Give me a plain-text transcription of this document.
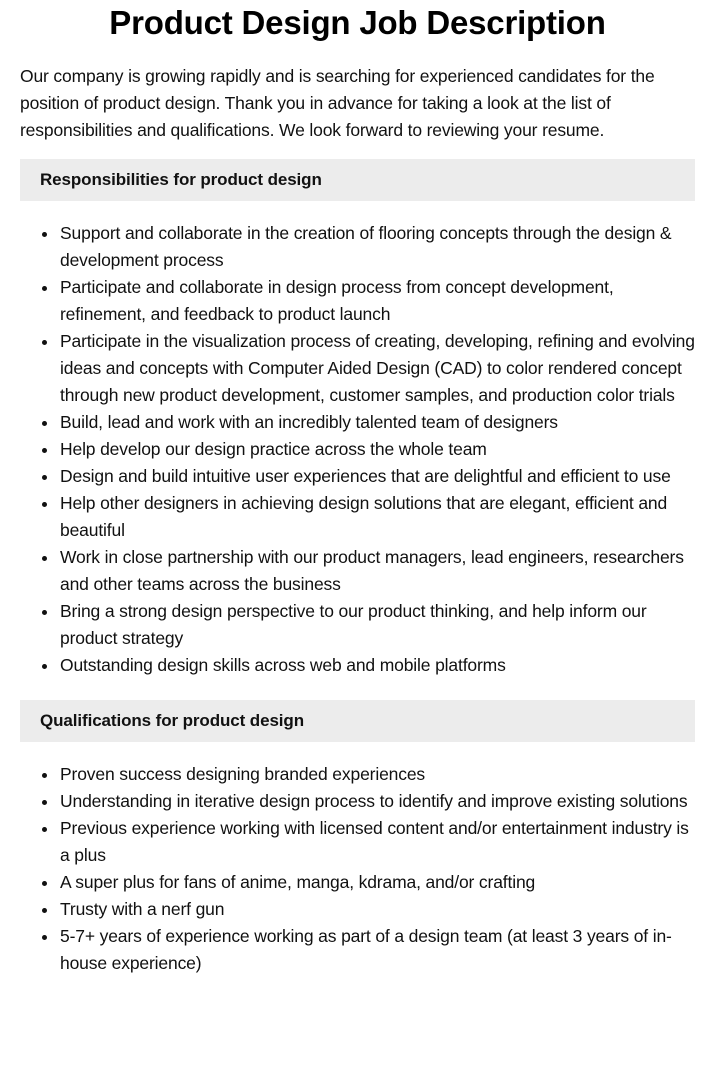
Product Design Job Description

Our company is growing rapidly and is searching for experienced candidates for the position of product design. Thank you in advance for taking a look at the list of responsibilities and qualifications. We look forward to reviewing your resume.

Responsibilities for product design
Support and collaborate in the creation of flooring concepts through the design & development process
Participate and collaborate in design process from concept development, refinement, and feedback to product launch
Participate in the visualization process of creating, developing, refining and evolving ideas and concepts with Computer Aided Design (CAD) to color rendered concept through new product development, customer samples, and production color trials
Build, lead and work with an incredibly talented team of designers
Help develop our design practice across the whole team
Design and build intuitive user experiences that are delightful and efficient to use
Help other designers in achieving design solutions that are elegant, efficient and beautiful
Work in close partnership with our product managers, lead engineers, researchers and other teams across the business
Bring a strong design perspective to our product thinking, and help inform our product strategy
Outstanding design skills across web and mobile platforms
Qualifications for product design
Proven success designing branded experiences
Understanding in iterative design process to identify and improve existing solutions
Previous experience working with licensed content and/or entertainment industry is a plus
A super plus for fans of anime, manga, kdrama, and/or crafting
Trusty with a nerf gun
5-7+ years of experience working as part of a design team (at least 3 years of in-house experience)
